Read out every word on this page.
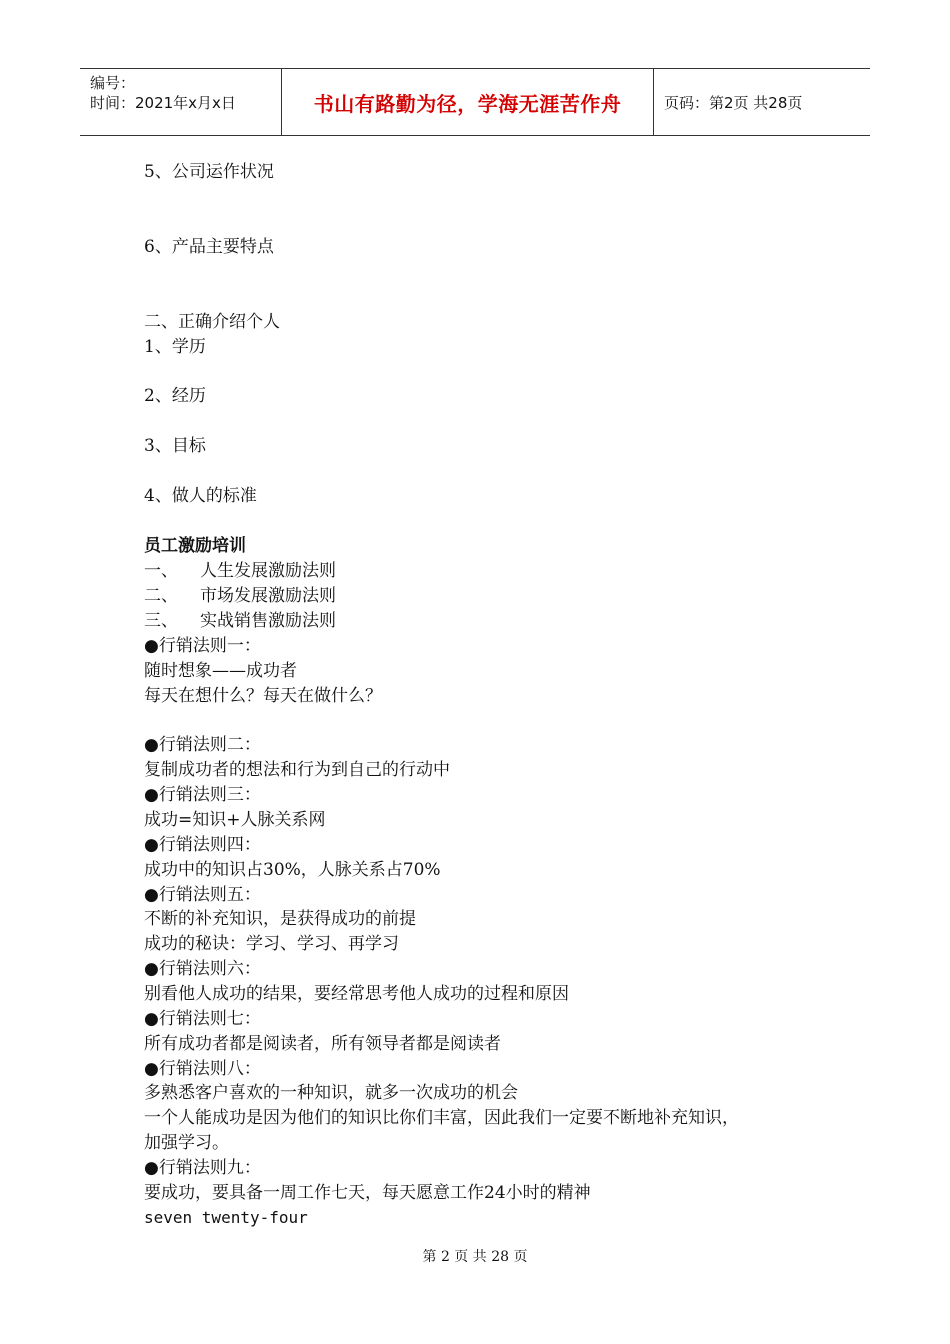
编号：
时间：2021年x月x日	书山有路勤为径，学海无涯苦作舟	页码：第2页 共28页
5、公司运作状况
6、产品主要特点
二、正确介绍个人
1、学历
2、经历
3、目标
4、做人的标准
员工激励培训
一、 人生发展激励法则
二、 市场发展激励法则
三、 实战销售激励法则
●行销法则一：
随时想象——成功者
每天在想什么？每天在做什么？
●行销法则二：
复制成功者的想法和行为到自己的行动中
●行销法则三：
成功=知识+人脉关系网
●行销法则四：
成功中的知识占30%，人脉关系占70%
●行销法则五：
不断的补充知识，是获得成功的前提
成功的秘诀：学习、学习、再学习
●行销法则六：
别看他人成功的结果，要经常思考他人成功的过程和原因
●行销法则七：
所有成功者都是阅读者，所有领导者都是阅读者
●行销法则八：
多熟悉客户喜欢的一种知识，就多一次成功的机会
一个人能成功是因为他们的知识比你们丰富，因此我们一定要不断地补充知识，
加强学习。
●行销法则九：
要成功，要具备一周工作七天，每天愿意工作24小时的精神
seven twenty-four
第 2 页 共 28 页
